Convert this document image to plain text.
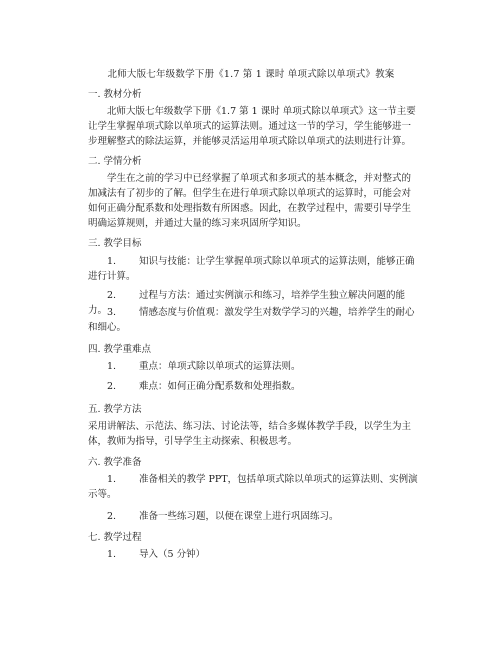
北师大版七年级数学下册《1.7 第 1 课时 单项式除以单项式》教案
一. 教材分析
北师大版七年级数学下册《1.7 第 1 课时 单项式除以单项式》这一节主要让学生掌握单项式除以单项式的运算法则。通过这一节的学习，学生能够进一步理解整式的除法运算，并能够灵活运用单项式除以单项式的法则进行计算。
二. 学情分析
学生在之前的学习中已经掌握了单项式和多项式的基本概念，并对整式的加减法有了初步的了解。但学生在进行单项式除以单项式的运算时，可能会对如何正确分配系数和处理指数有所困惑。因此，在教学过程中，需要引导学生明确运算规则，并通过大量的练习来巩固所学知识。
三. 教学目标
1. 知识与技能：让学生掌握单项式除以单项式的运算法则，能够正确进行计算。
2. 过程与方法：通过实例演示和练习，培养学生独立解决问题的能力。 3. 情感态度与价值观：激发学生对数学学习的兴趣，培养学生的耐心和细心。
四. 教学重难点
1. 重点：单项式除以单项式的运算法则。
2. 难点：如何正确分配系数和处理指数。
五. 教学方法
采用讲解法、示范法、练习法、讨论法等，结合多媒体教学手段，以学生为主体，教师为指导，引导学生主动探索、积极思考。
六. 教学准备
1. 准备相关的教学 PPT，包括单项式除以单项式的运算法则、实例演示等。
2. 准备一些练习题，以便在课堂上进行巩固练习。
七. 教学过程
1. 导入（5 分钟）
